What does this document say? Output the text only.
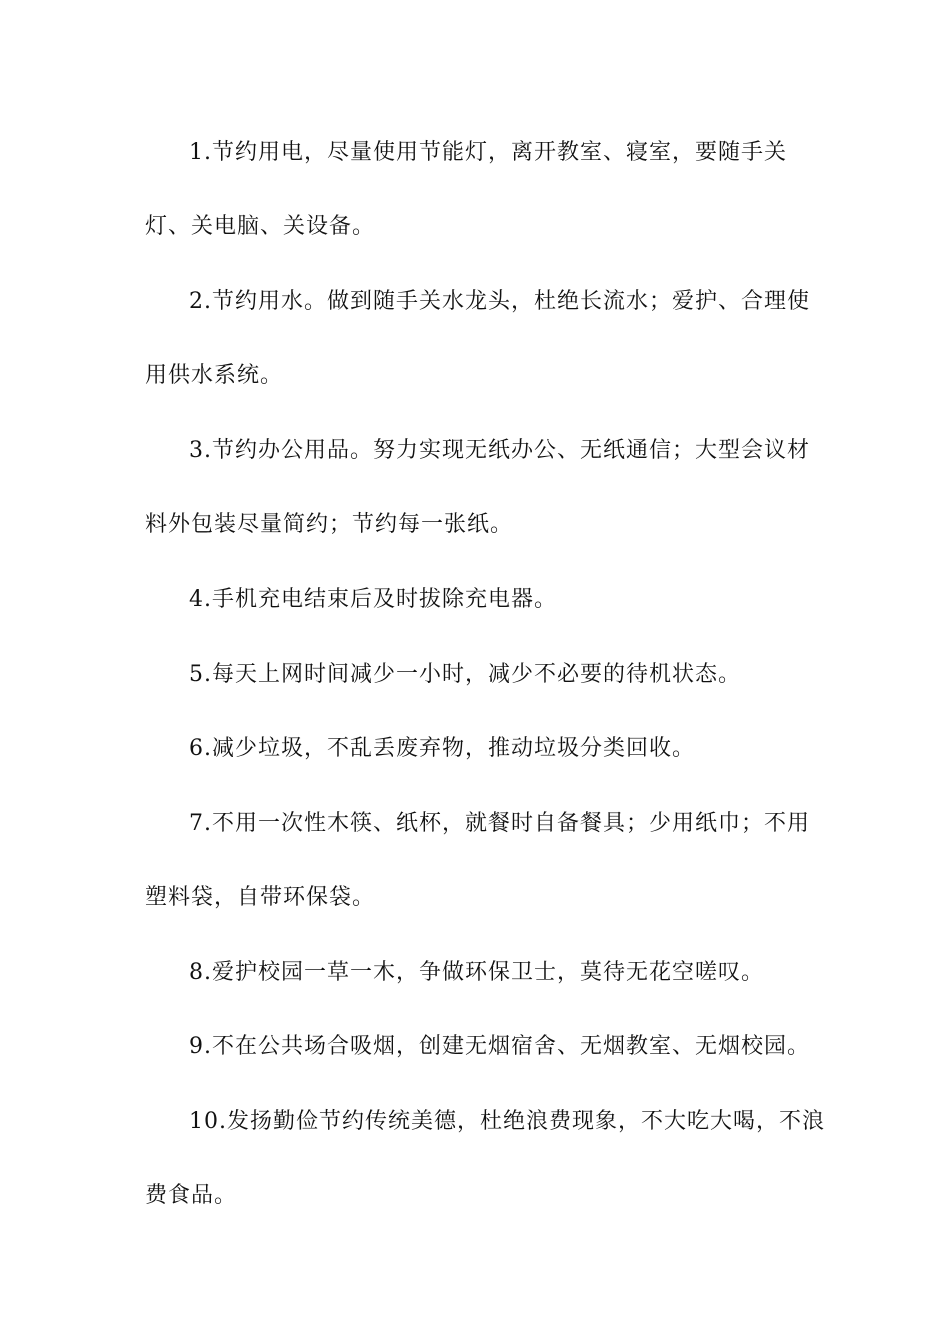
1.节约用电，尽量使用节能灯，离开教室、寝室，要随手关灯、关电脑、关设备。

2.节约用水。做到随手关水龙头，杜绝长流水；爱护、合理使用供水系统。

3.节约办公用品。努力实现无纸办公、无纸通信；大型会议材料外包装尽量简约；节约每一张纸。

4.手机充电结束后及时拔除充电器。

5.每天上网时间减少一小时，减少不必要的待机状态。

6.减少垃圾，不乱丢废弃物，推动垃圾分类回收。

7.不用一次性木筷、纸杯，就餐时自备餐具；少用纸巾；不用塑料袋，自带环保袋。

8.爱护校园一草一木，争做环保卫士，莫待无花空嗟叹。

9.不在公共场合吸烟，创建无烟宿舍、无烟教室、无烟校园。

10.发扬勤俭节约传统美德，杜绝浪费现象，不大吃大喝，不浪费食品。
